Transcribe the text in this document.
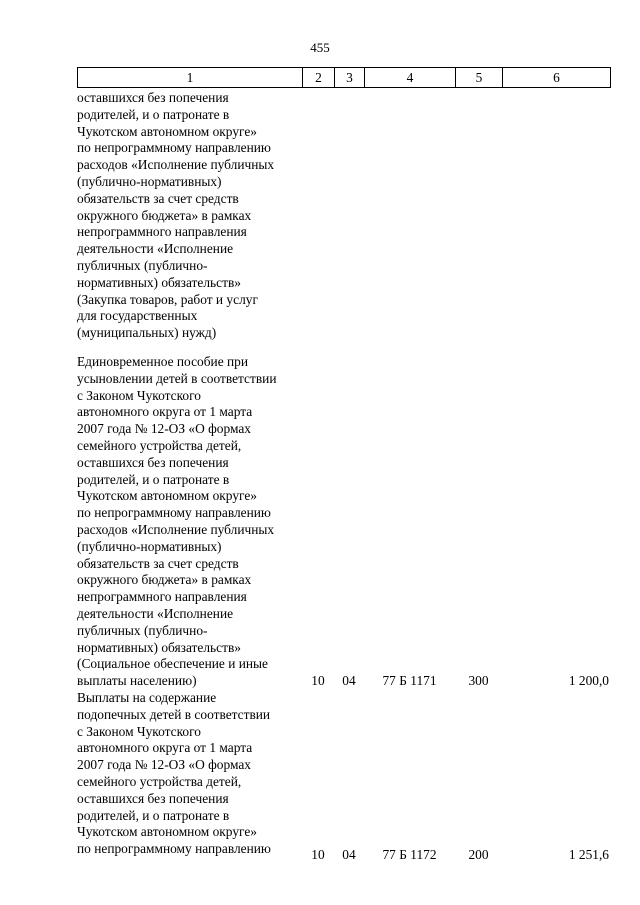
455
1	2	3	4	5	6
оставшихся без попечения
родителей, и о патронате в
Чукотском автономном округе»
по непрограммному направлению
расходов «Исполнение публичных
(публично-нормативных)
обязательств за счет средств
окружного бюджета» в рамках
непрограммного направления
деятельности «Исполнение
публичных (публично-
нормативных) обязательств»
(Закупка товаров, работ и услуг
для государственных
(муниципальных) нужд)
Единовременное пособие при
усыновлении детей в соответствии
с Законом Чукотского
автономного округа от 1 марта
2007 года № 12-ОЗ «О формах
семейного устройства детей,
оставшихся без попечения
родителей, и о патронате в
Чукотском автономном округе»
по непрограммному направлению
расходов «Исполнение публичных
(публично-нормативных)
обязательств за счет средств
окружного бюджета» в рамках
непрограммного направления
деятельности «Исполнение
публичных (публично-
нормативных) обязательств»
(Социальное обеспечение и иные
выплаты населению)	10	04	77 Б 1171	300	1 200,0
Выплаты на содержание
подопечных детей в соответствии
с Законом Чукотского
автономного округа от 1 марта
2007 года № 12-ОЗ «О формах
семейного устройства детей,
оставшихся без попечения
родителей, и о патронате в
Чукотском автономном округе»
по непрограммному направлению	10	04	77 Б 1172	200	1 251,6
